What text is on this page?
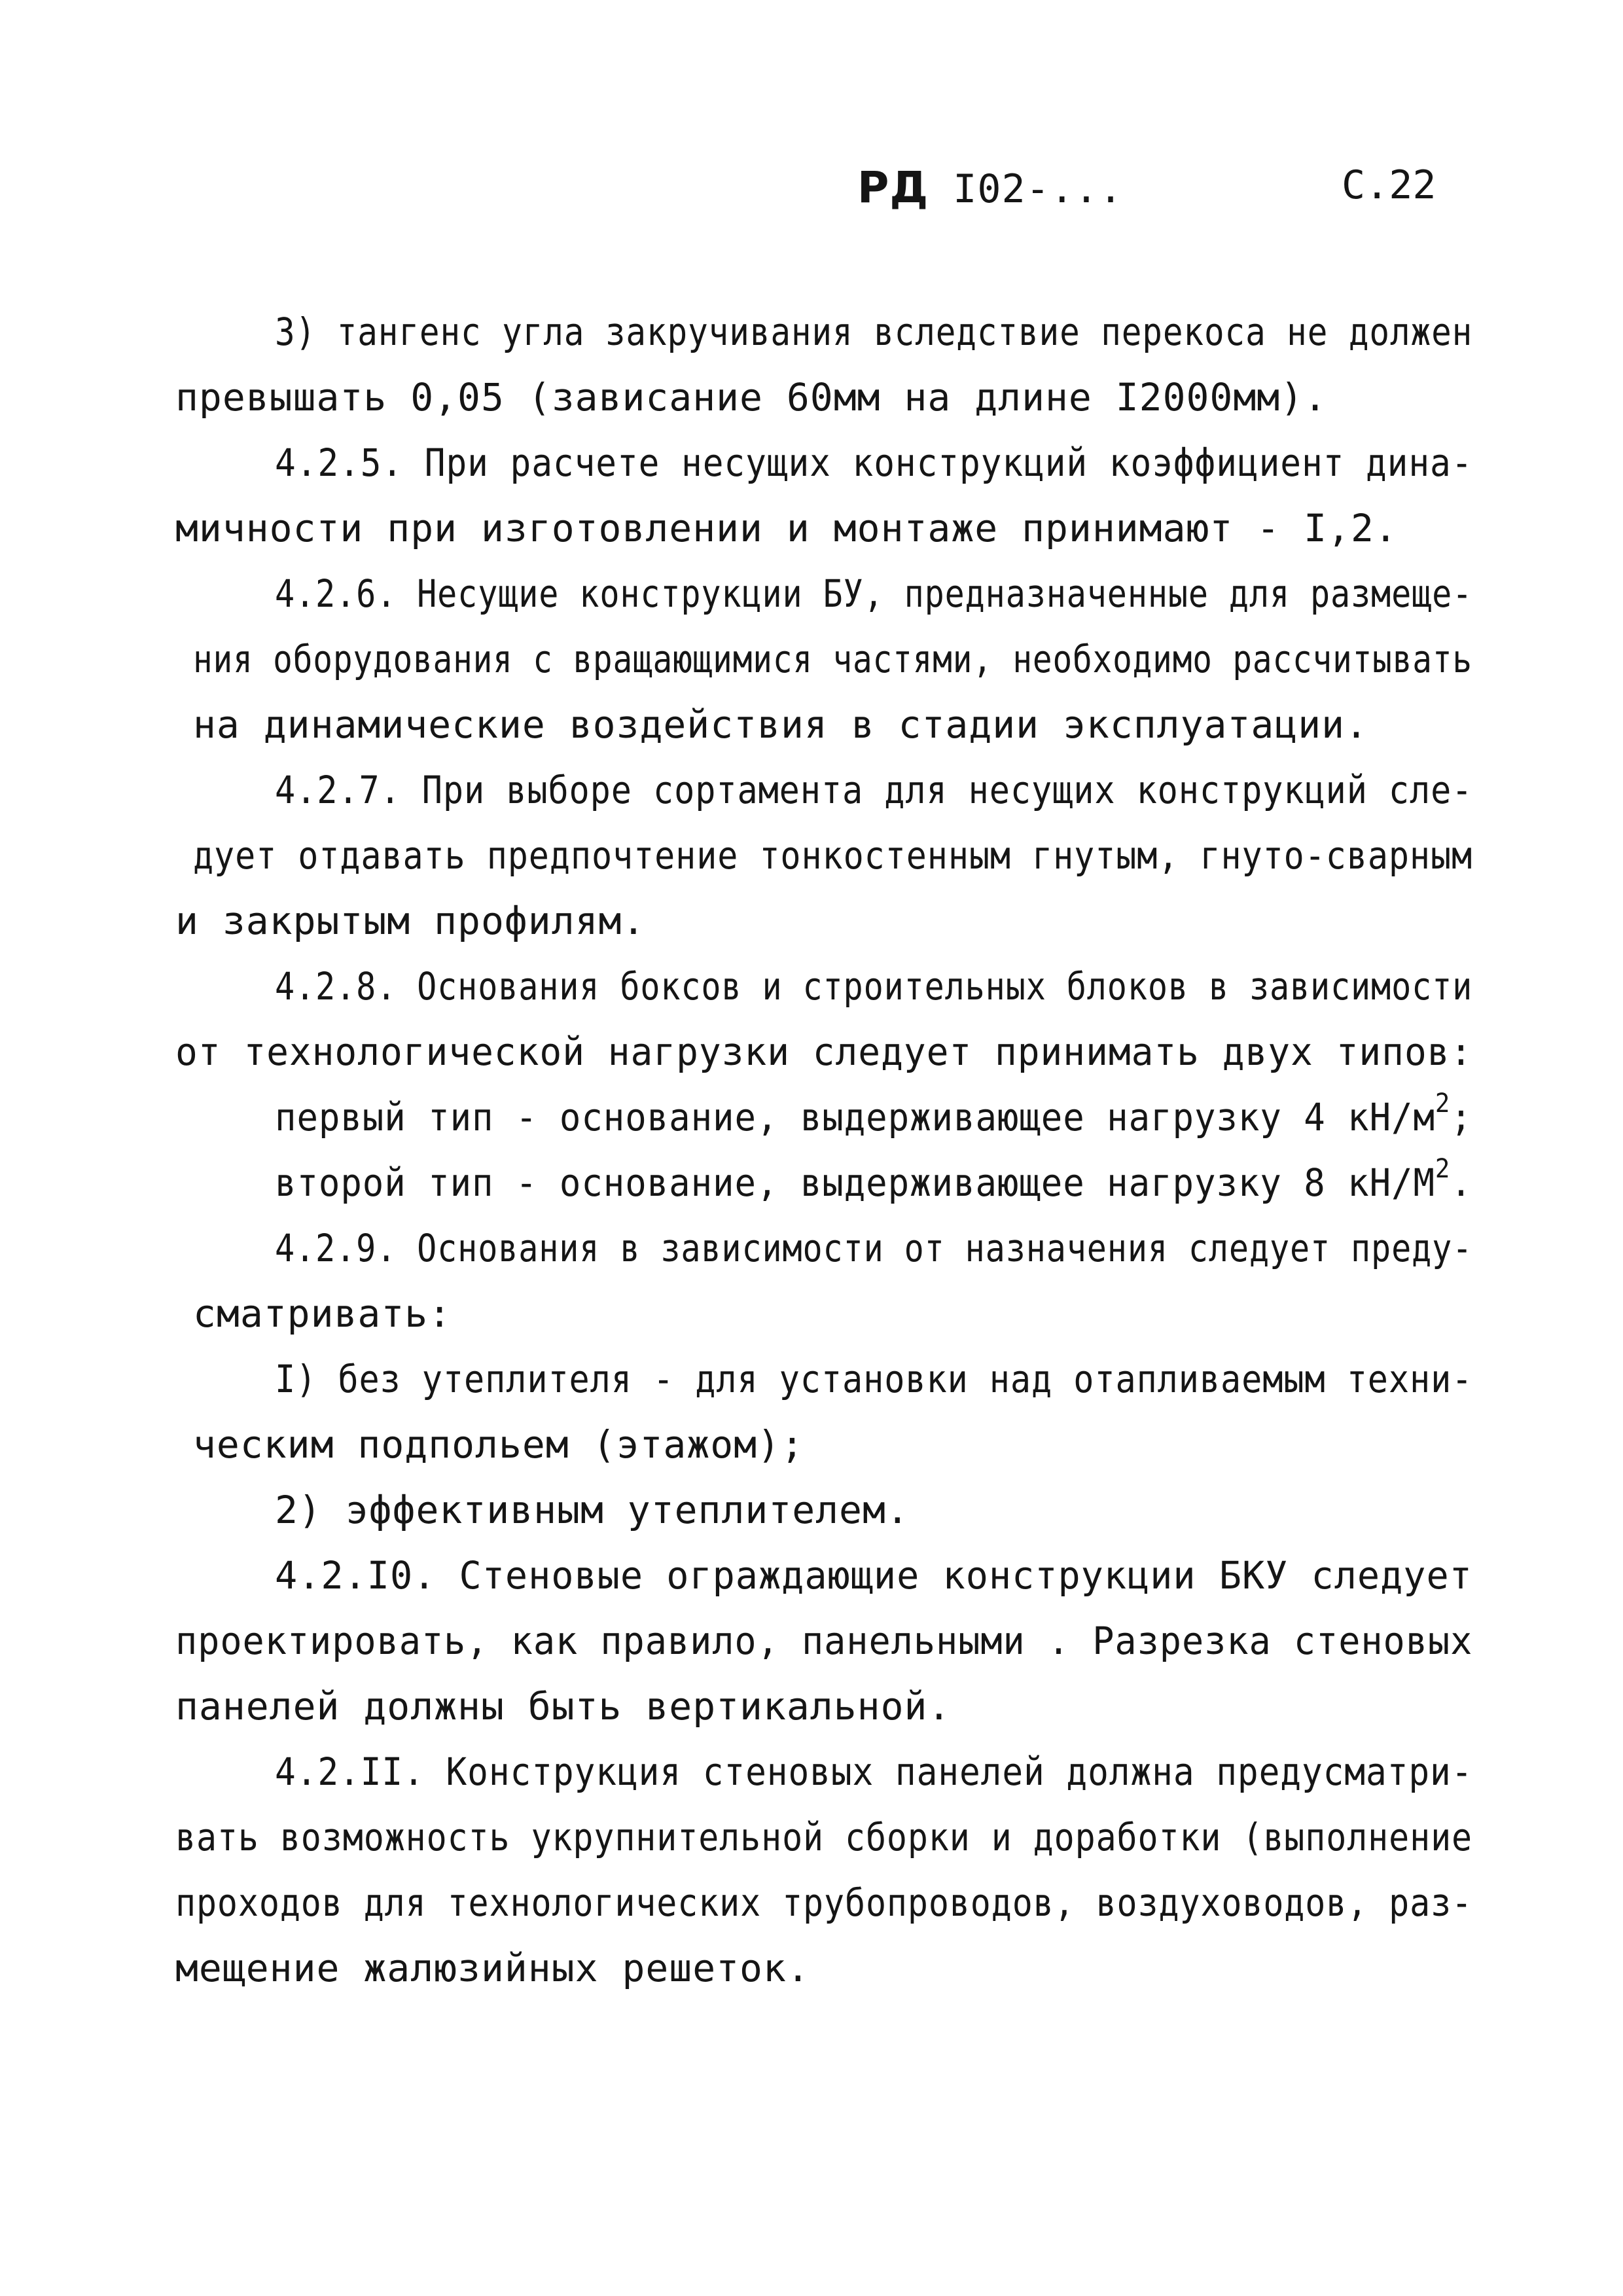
РД I02-...	С.22
3) тангенс угла закручивания вследствие перекоса не должен
превышать 0,05 (зависание 60мм на длине I2000мм).
4.2.5. При расчете несущих конструкций коэффициент дина-
мичности при изготовлении и монтаже принимают - I,2.
4.2.6. Несущие конструкции БУ, предназначенные для размеще-
ния оборудования с вращающимися частями, необходимо рассчитывать
на динамические воздействия в стадии эксплуатации.
4.2.7. При выборе сортамента для несущих конструкций сле-
дует отдавать предпочтение тонкостенным гнутым, гнуто-сварным
и закрытым профилям.
4.2.8. Основания боксов и строительных блоков в зависимости
от технологической нагрузки следует принимать двух типов:
первый тип - основание, выдерживающее нагрузку 4 $кН/м^2$;
второй тип - основание, выдерживающее нагрузку 8 $кН/М^2$.
4.2.9. Основания в зависимости от назначения следует преду-
сматривать:
I) без утеплителя - для установки над отапливаемым техни-
ческим подпольем (этажом);
2) эффективным утеплителем.
4.2.I0. Стеновые ограждающие конструкции БКУ следует
проектировать, как правило, панельными . Разрезка стеновых
панелей должны быть вертикальной.
4.2.II. Конструкция стеновых панелей должна предусматри-
вать возможность укрупнительной сборки и доработки (выполнение
проходов для технологических трубопроводов, воздуховодов, раз-
мещение жалюзийных решеток.
